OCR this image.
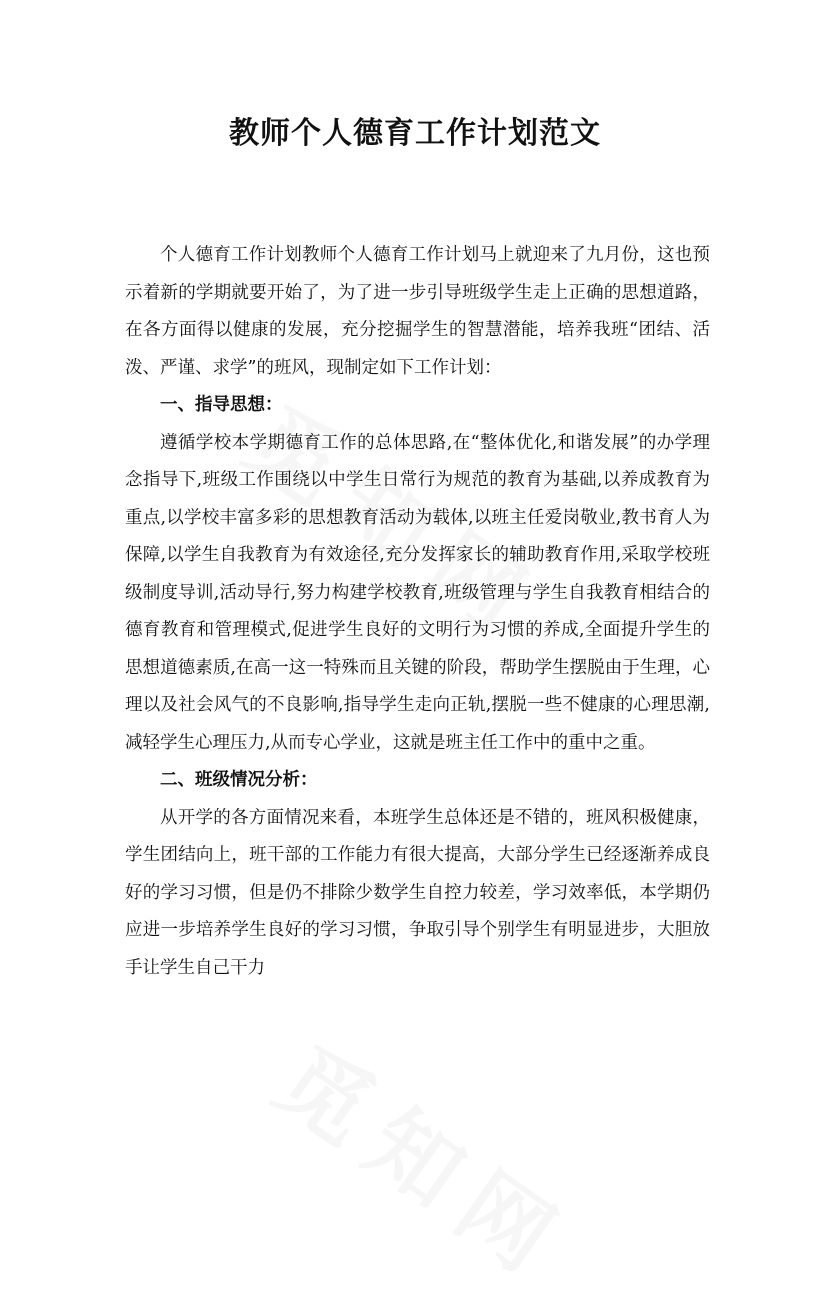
教师个人德育工作计划范文

个人德育工作计划教师个人德育工作计划马上就迎来了九月份，这也预示着新的学期就要开始了，为了进一步引导班级学生走上正确的思想道路，在各方面得以健康的发展，充分挖掘学生的智慧潜能，培养我班“团结、活泼、严谨、求学”的班风，现制定如下工作计划：

一、指导思想：

遵循学校本学期德育工作的总体思路,在“整体优化,和谐发展”的办学理念指导下,班级工作围绕以中学生日常行为规范的教育为基础,以养成教育为重点,以学校丰富多彩的思想教育活动为载体,以班主任爱岗敬业,教书育人为保障,以学生自我教育为有效途径,充分发挥家长的辅助教育作用,采取学校班级制度导训,活动导行,努力构建学校教育,班级管理与学生自我教育相结合的德育教育和管理模式,促进学生良好的文明行为习惯的养成,全面提升学生的思想道德素质,在高一这一特殊而且关键的阶段，帮助学生摆脱由于生理，心理以及社会风气的不良影响,指导学生走向正轨,摆脱一些不健康的心理思潮,减轻学生心理压力,从而专心学业，这就是班主任工作中的重中之重。

二、班级情况分析：

从开学的各方面情况来看，本班学生总体还是不错的，班风积极健康，学生团结向上，班干部的工作能力有很大提高，大部分学生已经逐渐养成良好的学习习惯，但是仍不排除少数学生自控力较差，学习效率低，本学期仍应进一步培养学生良好的学习习惯，争取引导个别学生有明显进步，大胆放手让学生自己干力
